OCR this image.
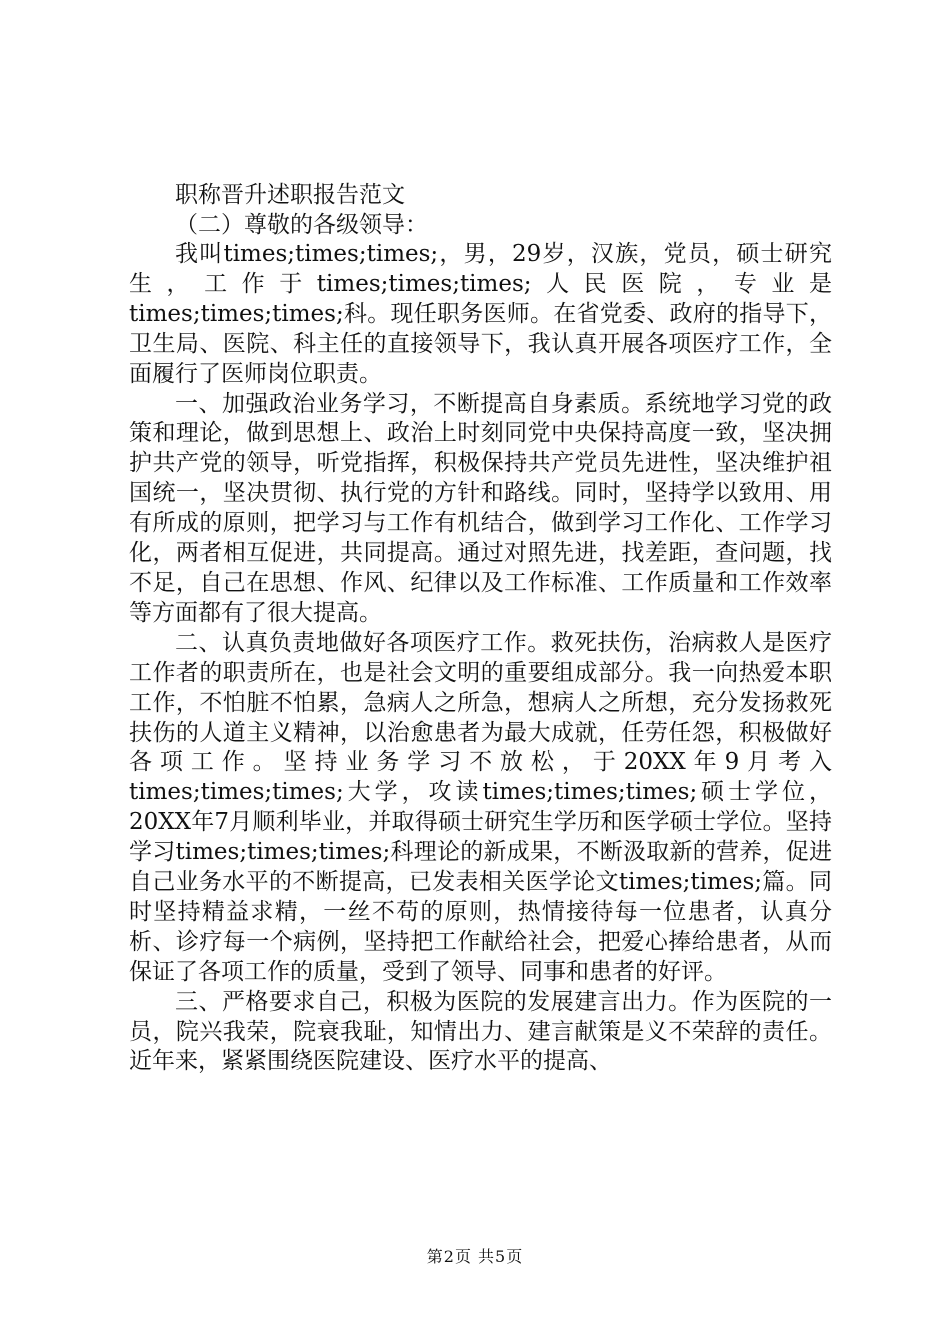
职称晋升述职报告范文

（二）尊敬的各级领导：

我叫times;times;times;，男，29岁，汉族，党员，硕士研究生，工作于times;times;times;人民医院，专业是times;times;times;科。现任职务医师。在省党委、政府的指导下，卫生局、医院、科主任的直接领导下，我认真开展各项医疗工作，全面履行了医师岗位职责。

一、加强政治业务学习，不断提高自身素质。系统地学习党的政策和理论，做到思想上、政治上时刻同党中央保持高度一致，坚决拥护共产党的领导，听党指挥，积极保持共产党员先进性，坚决维护祖国统一，坚决贯彻、执行党的方针和路线。同时，坚持学以致用、用有所成的原则，把学习与工作有机结合，做到学习工作化、工作学习化，两者相互促进，共同提高。通过对照先进，找差距，查问题，找不足，自己在思想、作风、纪律以及工作标准、工作质量和工作效率等方面都有了很大提高。

二、认真负责地做好各项医疗工作。救死扶伤，治病救人是医疗工作者的职责所在，也是社会文明的重要组成部分。我一向热爱本职工作，不怕脏不怕累，急病人之所急，想病人之所想，充分发扬救死扶伤的人道主义精神，以治愈患者为最大成就，任劳任怨，积极做好各项工作。坚持业务学习不放松，于20XX年9月考入times;times;times;大学，攻读times;times;times;硕士学位，20XX年7月顺利毕业，并取得硕士研究生学历和医学硕士学位。坚持学习times;times;times;科理论的新成果，不断汲取新的营养，促进自己业务水平的不断提高，已发表相关医学论文times;times;篇。同时坚持精益求精，一丝不苟的原则，热情接待每一位患者，认真分析、诊疗每一个病例，坚持把工作献给社会，把爱心捧给患者，从而保证了各项工作的质量，受到了领导、同事和患者的好评。

三、严格要求自己，积极为医院的发展建言出力。作为医院的一员，院兴我荣，院衰我耻，知情出力、建言献策是义不荣辞的责任。近年来，紧紧围绕医院建设、医疗水平的提高、

第2页 共5页
